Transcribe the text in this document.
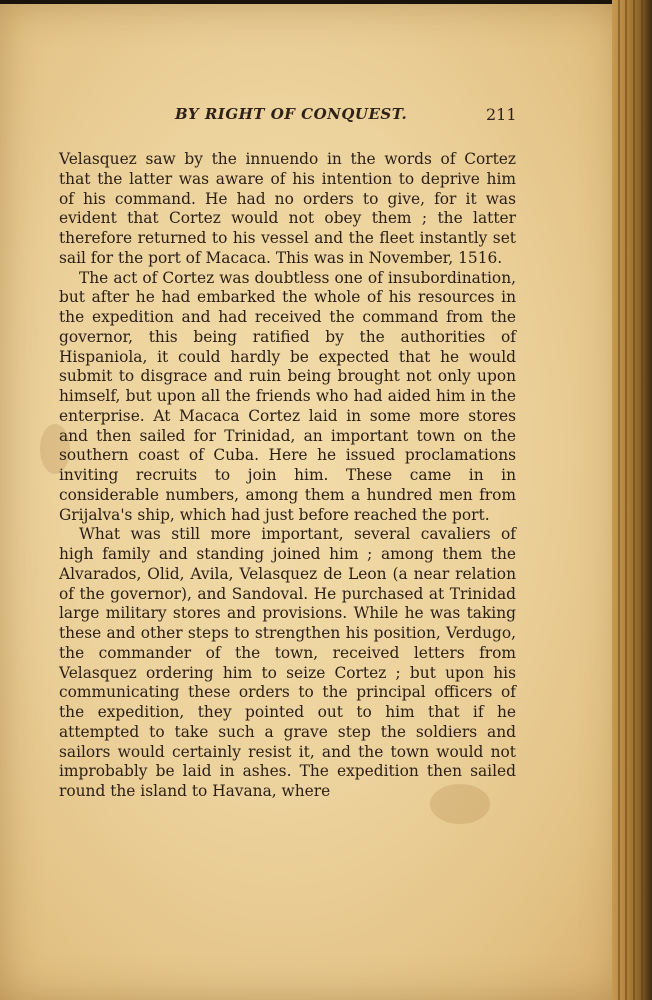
BY RIGHT OF CONQUEST.	211

Velasquez saw by the innuendo in the words of Cortez that the latter was aware of his intention to deprive him of his command. He had no orders to give, for it was evident that Cortez would not obey them ; the latter therefore returned to his vessel and the fleet instantly set sail for the port of Macaca. This was in November, 1516.

The act of Cortez was doubtless one of insubordination, but after he had embarked the whole of his resources in the expedition and had received the command from the governor, this being ratified by the authorities of Hispaniola, it could hardly be expected that he would submit to disgrace and ruin being brought not only upon himself, but upon all the friends who had aided him in the enterprise. At Macaca Cortez laid in some more stores and then sailed for Trinidad, an important town on the southern coast of Cuba. Here he issued proclamations inviting recruits to join him. These came in in considerable numbers, among them a hundred men from Grijalva's ship, which had just before reached the port.

What was still more important, several cavaliers of high family and standing joined him ; among them the Alvarados, Olid, Avila, Velasquez de Leon (a near relation of the governor), and Sandoval. He purchased at Trinidad large military stores and provisions. While he was taking these and other steps to strengthen his position, Verdugo, the commander of the town, received letters from Velasquez ordering him to seize Cortez ; but upon his communicating these orders to the principal officers of the expedition, they pointed out to him that if he attempted to take such a grave step the soldiers and sailors would certainly resist it, and the town would not improbably be laid in ashes. The expedition then sailed round the island to Havana, where
